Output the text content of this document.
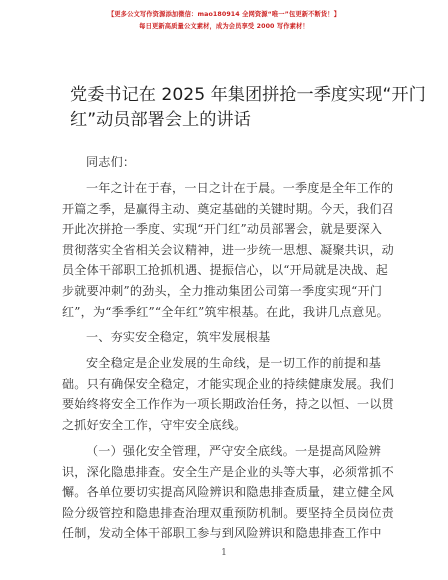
【更多公文写作资源添加微信：mao180914 全网资源“唯一”包更新不断货！】
每日更新高质量公文素材，成为会员享受 2000 写作素材！
党委书记在 2025 年集团拼抢一季度实现“开门
红”动员部署会上的讲话
同志们：
一年之计在于春，一日之计在于晨。一季度是全年工作的
开篇之季，是赢得主动、奠定基础的关键时期。今天，我们召
开此次拼抢一季度、实现“开门红”动员部署会，就是要深入
贯彻落实全省相关会议精神，进一步统一思想、凝聚共识，动
员全体干部职工抢抓机遇、提振信心，以“开局就是决战、起
步就要冲刺”的劲头，全力推动集团公司第一季度实现“开门
红”，为“季季红”“全年红”筑牢根基。在此，我讲几点意见。
一、夯实安全稳定，筑牢发展根基
安全稳定是企业发展的生命线，是一切工作的前提和基
础。只有确保安全稳定，才能实现企业的持续健康发展。我们
要始终将安全工作作为一项长期政治任务，持之以恒、一以贯
之抓好安全工作，守牢安全底线。
（一）强化安全管理，严守安全底线。一是提高风险辨
识，深化隐患排查。安全生产是企业的头等大事，必须常抓不
懈。各单位要切实提高风险辨识和隐患排查质量，建立健全风
险分级管控和隐患排查治理双重预防机制。要坚持全员岗位责
任制，发动全体干部职工参与到风险辨识和隐患排查工作中
1
